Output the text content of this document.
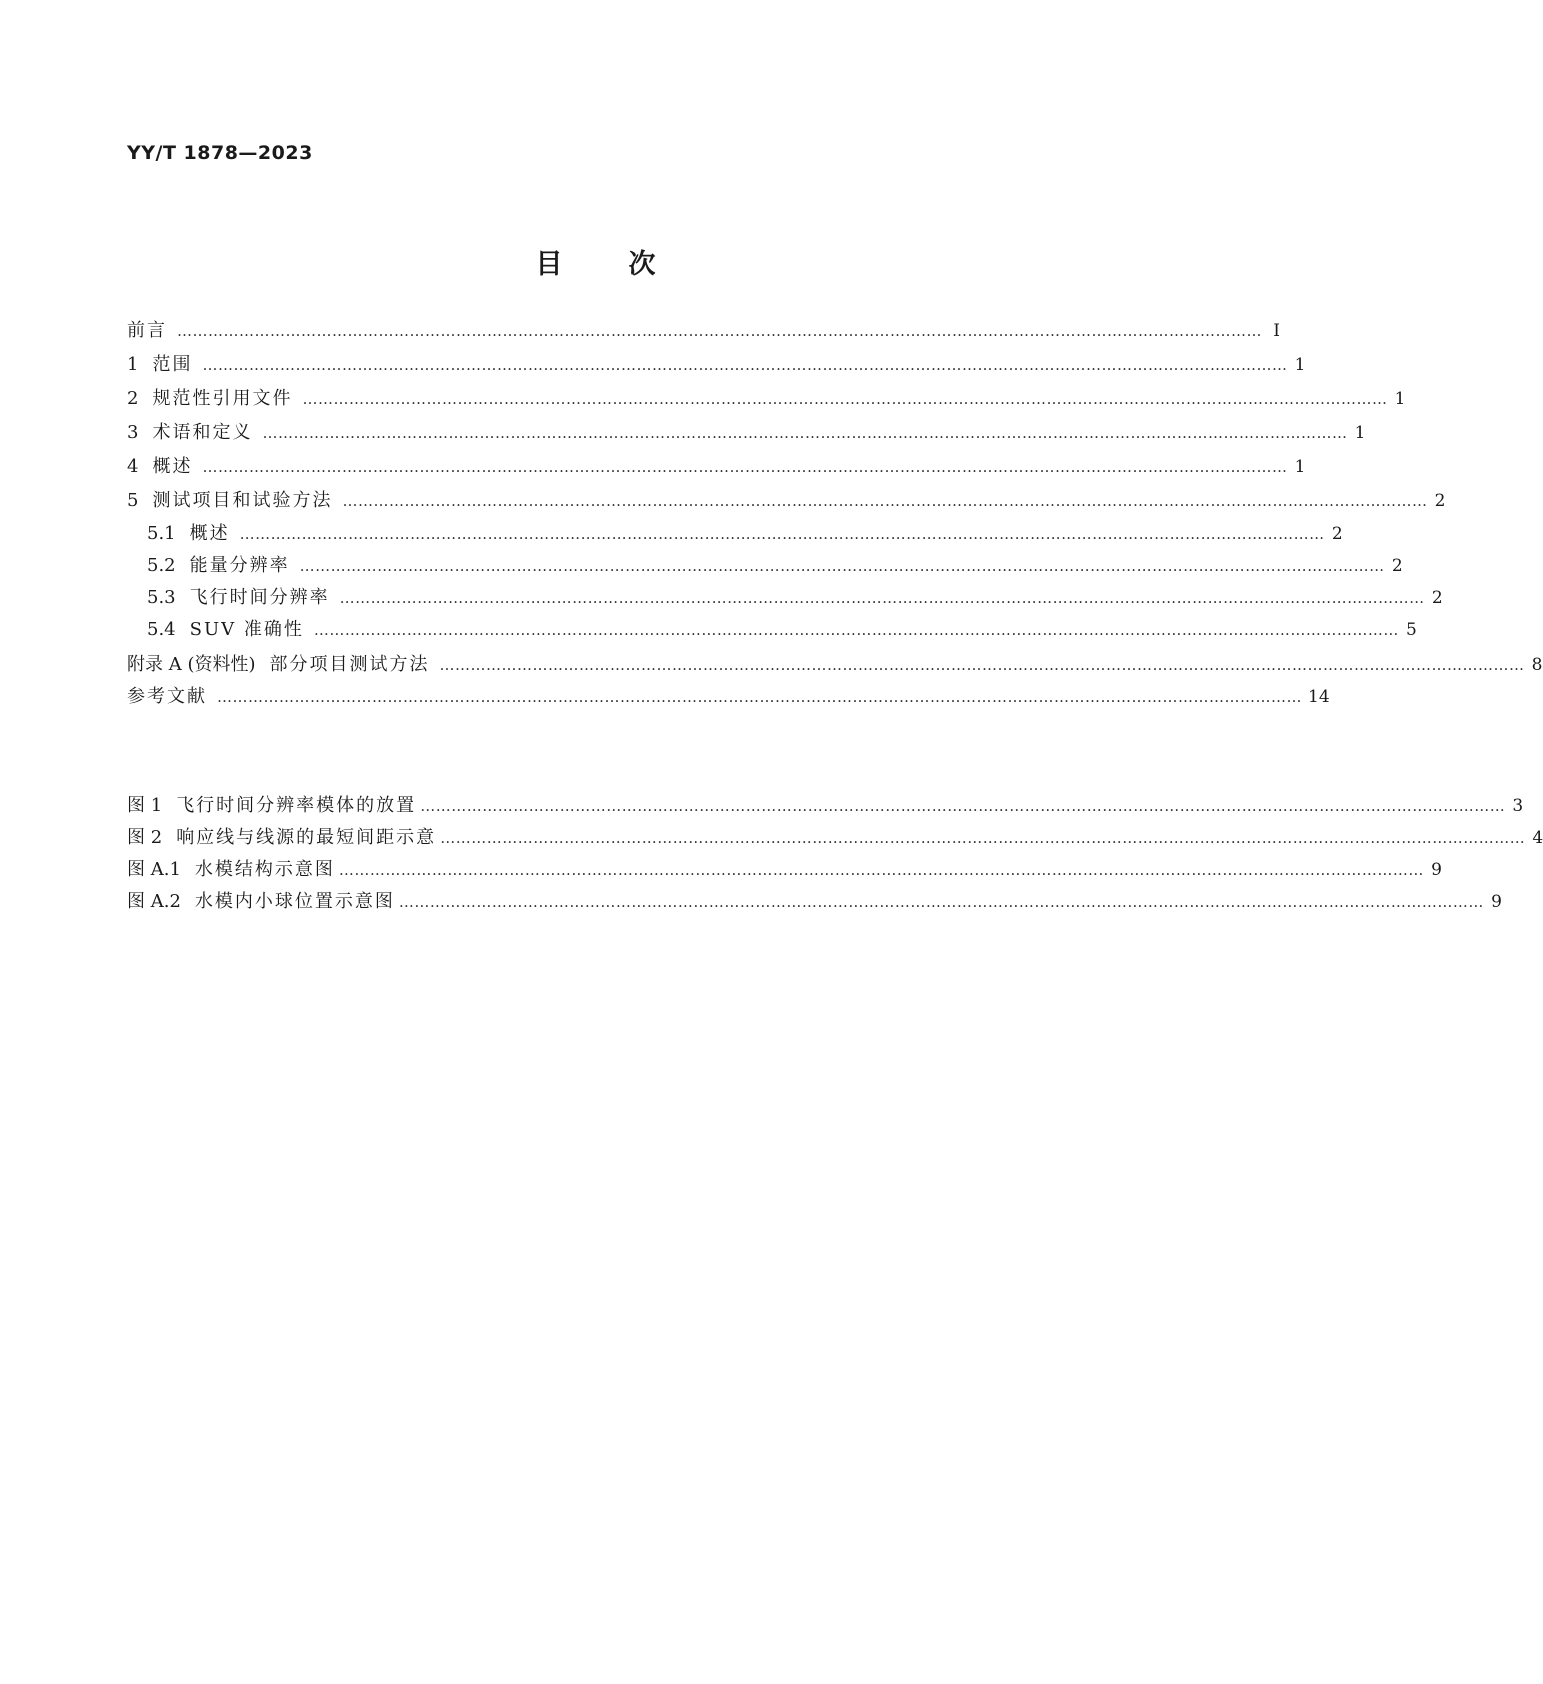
YY/T 1878—2023
目次
前言 ………………………………………………………………………………………………………………………………………………………………………………………… Ⅰ
1 范围 ………………………………………………………………………………………………………………………………………………………………………………………… 1
2 规范性引用文件 ………………………………………………………………………………………………………………………………………………………………………………………… 1
3 术语和定义 ………………………………………………………………………………………………………………………………………………………………………………………… 1
4 概述 ………………………………………………………………………………………………………………………………………………………………………………………… 1
5 测试项目和试验方法 ………………………………………………………………………………………………………………………………………………………………………………………… 2
5.1 概述 ………………………………………………………………………………………………………………………………………………………………………………………… 2
5.2 能量分辨率 ………………………………………………………………………………………………………………………………………………………………………………………… 2
5.3 飞行时间分辨率 ………………………………………………………………………………………………………………………………………………………………………………………… 2
5.4 SUV 准确性 ………………………………………………………………………………………………………………………………………………………………………………………… 5
附录 A (资料性) 部分项目测试方法 ………………………………………………………………………………………………………………………………………………………………………………………… 8
参考文献 ………………………………………………………………………………………………………………………………………………………………………………………… 14
图 1 飞行时间分辨率模体的放置 ………………………………………………………………………………………………………………………………………………………………………………………… 3
图 2 响应线与线源的最短间距示意 ………………………………………………………………………………………………………………………………………………………………………………………… 4
图 A.1 水模结构示意图 ………………………………………………………………………………………………………………………………………………………………………………………… 9
图 A.2 水模内小球位置示意图 ………………………………………………………………………………………………………………………………………………………………………………………… 9
